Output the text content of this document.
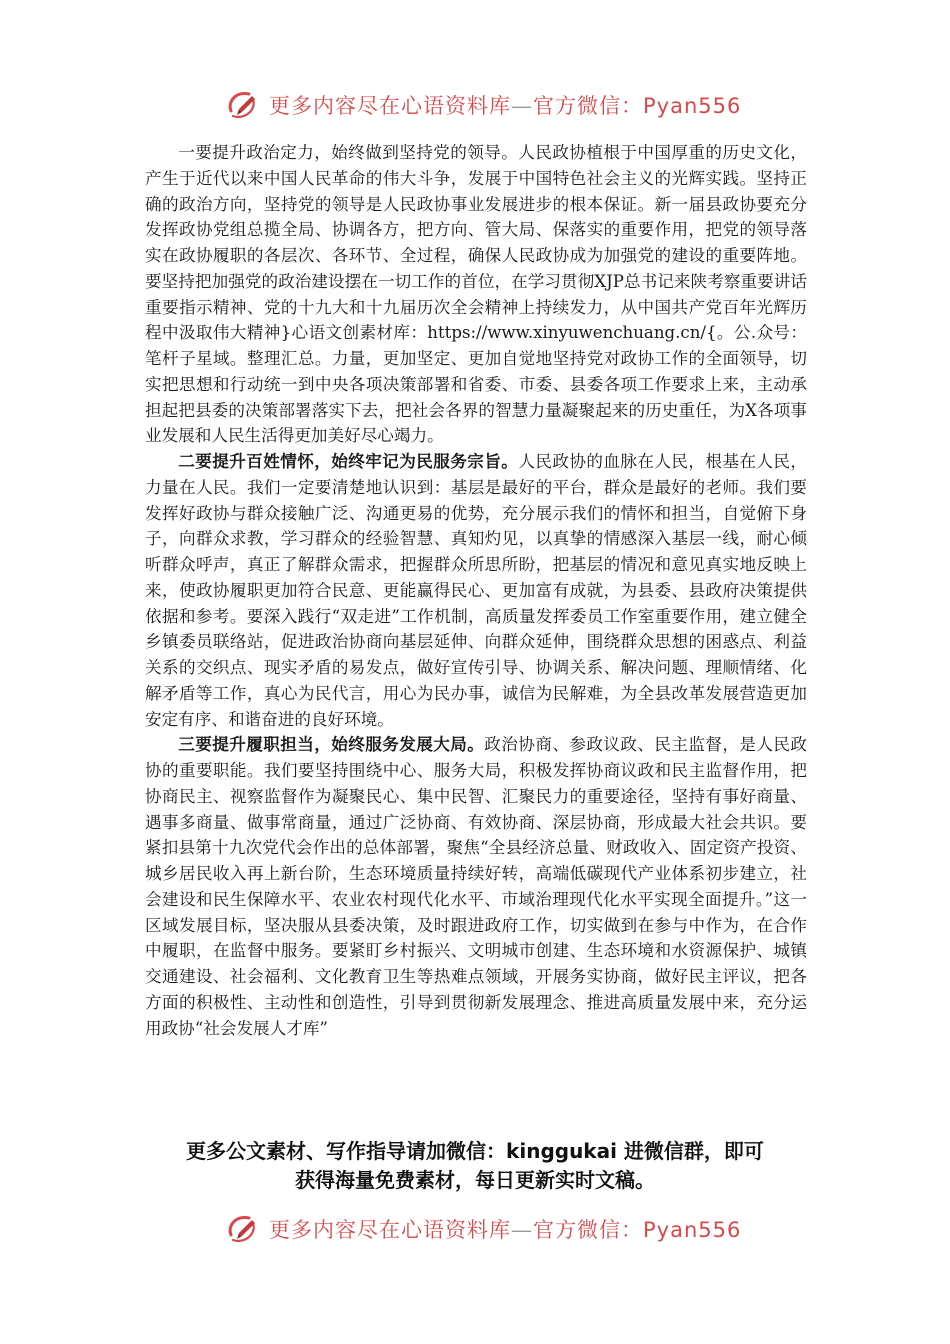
更多内容尽在心语资料库—官方微信：Pyan556

一要提升政治定力，始终做到坚持党的领导。人民政协植根于中国厚重的历史文化，产生于近代以来中国人民革命的伟大斗争，发展于中国特色社会主义的光辉实践。坚持正确的政治方向，坚持党的领导是人民政协事业发展进步的根本保证。新一届县政协要充分发挥政协党组总揽全局、协调各方，把方向、管大局、保落实的重要作用，把党的领导落实在政协履职的各层次、各环节、全过程，确保人民政协成为加强党的建设的重要阵地。要坚持把加强党的政治建设摆在一切工作的首位，在学习贯彻XJP总书记来陕考察重要讲话重要指示精神、党的十九大和十九届历次全会精神上持续发力，从中国共产党百年光辉历程中汲取伟大精神}心语文创素材库：https://www.xinyuwenchuang.cn/{。公.众号：笔杆子星域。整理汇总。力量，更加坚定、更加自觉地坚持党对政协工作的全面领导，切实把思想和行动统一到中央各项决策部署和省委、市委、县委各项工作要求上来，主动承担起把县委的决策部署落实下去，把社会各界的智慧力量凝聚起来的历史重任，为X各项事业发展和人民生活得更加美好尽心竭力。

二要提升百姓情怀，始终牢记为民服务宗旨。人民政协的血脉在人民，根基在人民，力量在人民。我们一定要清楚地认识到：基层是最好的平台，群众是最好的老师。我们要发挥好政协与群众接触广泛、沟通更易的优势，充分展示我们的情怀和担当，自觉俯下身子，向群众求教，学习群众的经验智慧、真知灼见，以真挚的情感深入基层一线，耐心倾听群众呼声，真正了解群众需求，把握群众所思所盼，把基层的情况和意见真实地反映上来，使政协履职更加符合民意、更能赢得民心、更加富有成就，为县委、县政府决策提供依据和参考。要深入践行“双走进”工作机制，高质量发挥委员工作室重要作用，建立健全乡镇委员联络站，促进政治协商向基层延伸、向群众延伸，围绕群众思想的困惑点、利益关系的交织点、现实矛盾的易发点，做好宣传引导、协调关系、解决问题、理顺情绪、化解矛盾等工作，真心为民代言，用心为民办事，诚信为民解难，为全县改革发展营造更加安定有序、和谐奋进的良好环境。

三要提升履职担当，始终服务发展大局。政治协商、参政议政、民主监督，是人民政协的重要职能。我们要坚持围绕中心、服务大局，积极发挥协商议政和民主监督作用，把协商民主、视察监督作为凝聚民心、集中民智、汇聚民力的重要途径，坚持有事好商量、遇事多商量、做事常商量，通过广泛协商、有效协商、深层协商，形成最大社会共识。要紧扣县第十九次党代会作出的总体部署，聚焦“全县经济总量、财政收入、固定资产投资、城乡居民收入再上新台阶，生态环境质量持续好转，高端低碳现代产业体系初步建立，社会建设和民生保障水平、农业农村现代化水平、市域治理现代化水平实现全面提升。”这一区域发展目标，坚决服从县委决策，及时跟进政府工作，切实做到在参与中作为，在合作中履职，在监督中服务。要紧盯乡村振兴、文明城市创建、生态环境和水资源保护、城镇交通建设、社会福利、文化教育卫生等热难点领域，开展务实协商，做好民主评议，把各方面的积极性、主动性和创造性，引导到贯彻新发展理念、推进高质量发展中来，充分运用政协“社会发展人才库”

更多公文素材、写作指导请加微信：kinggukai 进微信群，即可
获得海量免费素材，每日更新实时文稿。
更多内容尽在心语资料库—官方微信：Pyan556
